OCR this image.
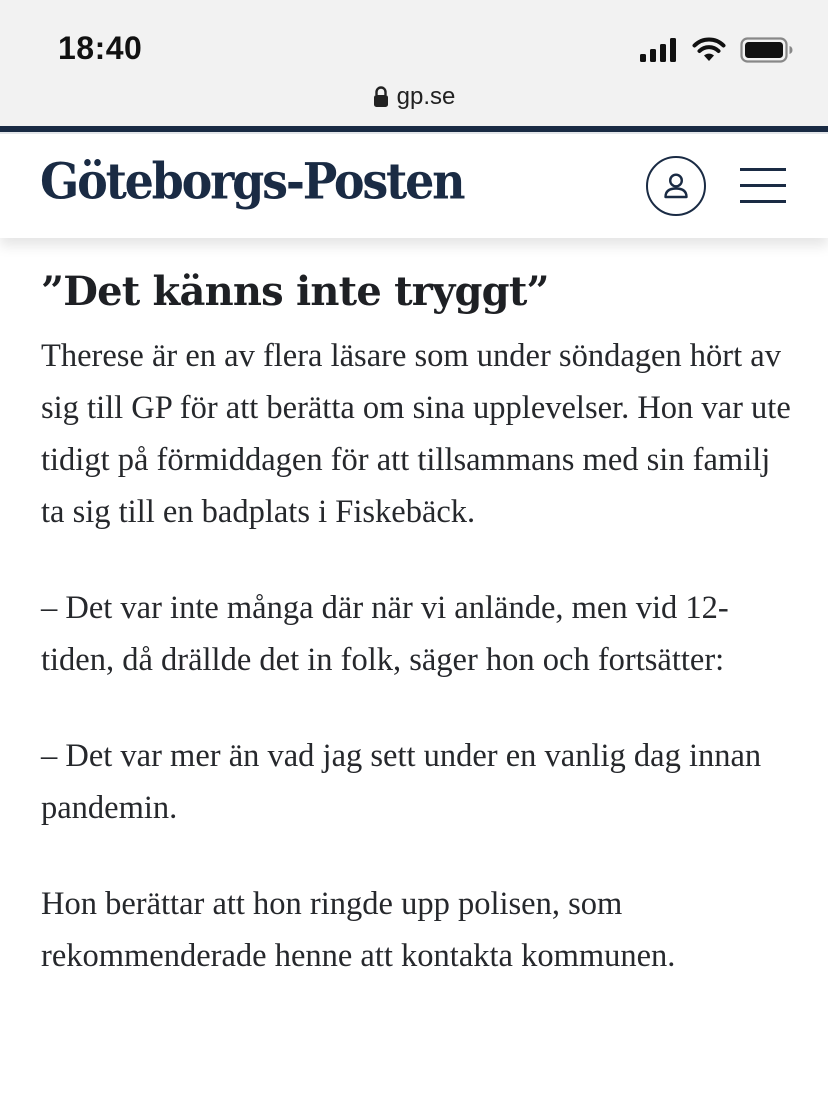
18:40
gp.se
Göteborgs-Posten
”Det känns inte tryggt”

Therese är en av flera läsare som under söndagen hört av sig till GP för att berätta om sina upplevelser. Hon var ute tidigt på förmiddagen för att tillsammans med sin familj ta sig till en badplats i Fiskebäck.

– Det var inte många där när vi anlände, men vid 12-tiden, då drällde det in folk, säger hon och fortsätter:

– Det var mer än vad jag sett under en vanlig dag innan pandemin.

Hon berättar att hon ringde upp polisen, som rekommenderade henne att kontakta kommunen.
